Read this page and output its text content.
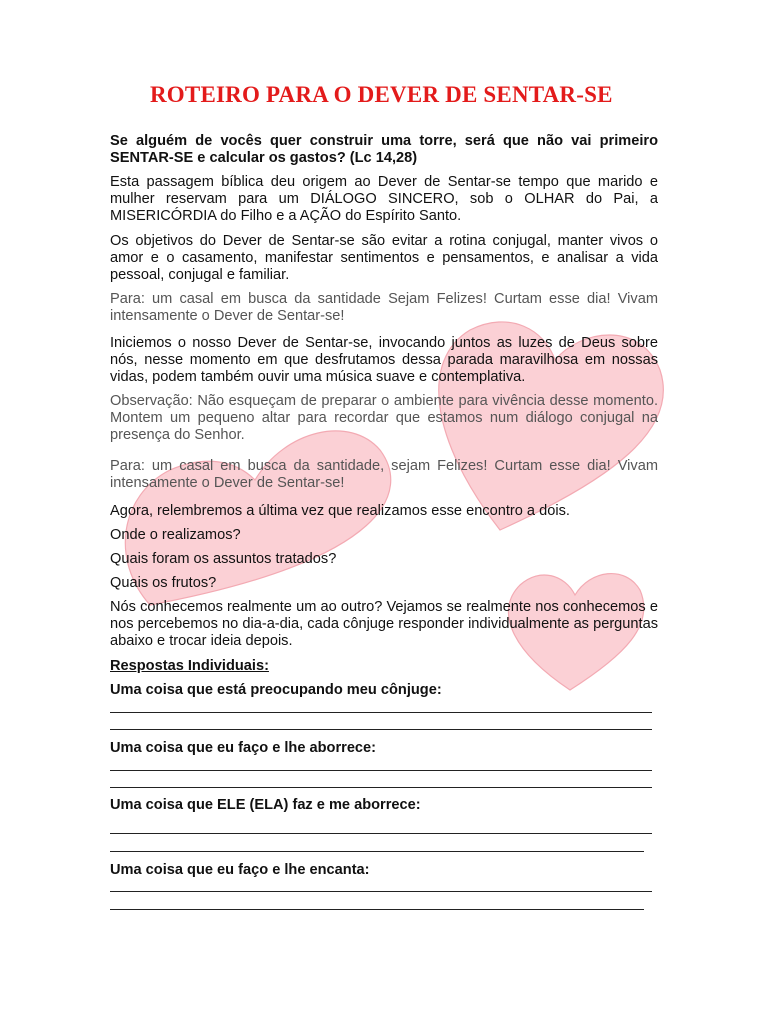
ROTEIRO PARA O DEVER DE SENTAR-SE
Se alguém de vocês quer construir uma torre, será que não vai primeiro SENTAR-SE e calcular os gastos? (Lc 14,28)
Esta passagem bíblica deu origem ao Dever de Sentar-se tempo que marido e mulher reservam para um DIÁLOGO SINCERO, sob o OLHAR do Pai, a MISERICÓRDIA do Filho e a AÇÃO do Espírito Santo.
Os objetivos do Dever de Sentar-se são evitar a rotina conjugal, manter vivos o amor e o casamento, manifestar sentimentos e pensamentos, e analisar a vida pessoal, conjugal e familiar.
Para: um casal em busca da santidade Sejam Felizes! Curtam esse dia! Vivam intensamente o Dever de Sentar-se!
Iniciemos o nosso Dever de Sentar-se, invocando juntos as luzes de Deus sobre nós, nesse momento em que desfrutamos dessa parada maravilhosa em nossas vidas, podem também ouvir uma música suave e contemplativa.
Observação: Não esqueçam de preparar o ambiente para vivência desse momento. Montem um pequeno altar para recordar que estamos num diálogo conjugal na presença do Senhor.
Para: um casal em busca da santidade, sejam Felizes! Curtam esse dia! Vivam intensamente o Dever de Sentar-se!
Agora, relembremos a última vez que realizamos esse encontro a dois.
Onde o realizamos?
Quais foram os assuntos tratados?
Quais os frutos?
Nós conhecemos realmente um ao outro? Vejamos se realmente nos conhecemos e nos percebemos no dia-a-dia, cada cônjuge responder individualmente as perguntas abaixo e trocar ideia depois.
Respostas Individuais:
Uma coisa que está preocupando meu cônjuge:
Uma coisa que eu faço e lhe aborrece:
Uma coisa que ELE (ELA) faz e me aborrece:
Uma coisa que eu faço e lhe encanta:
